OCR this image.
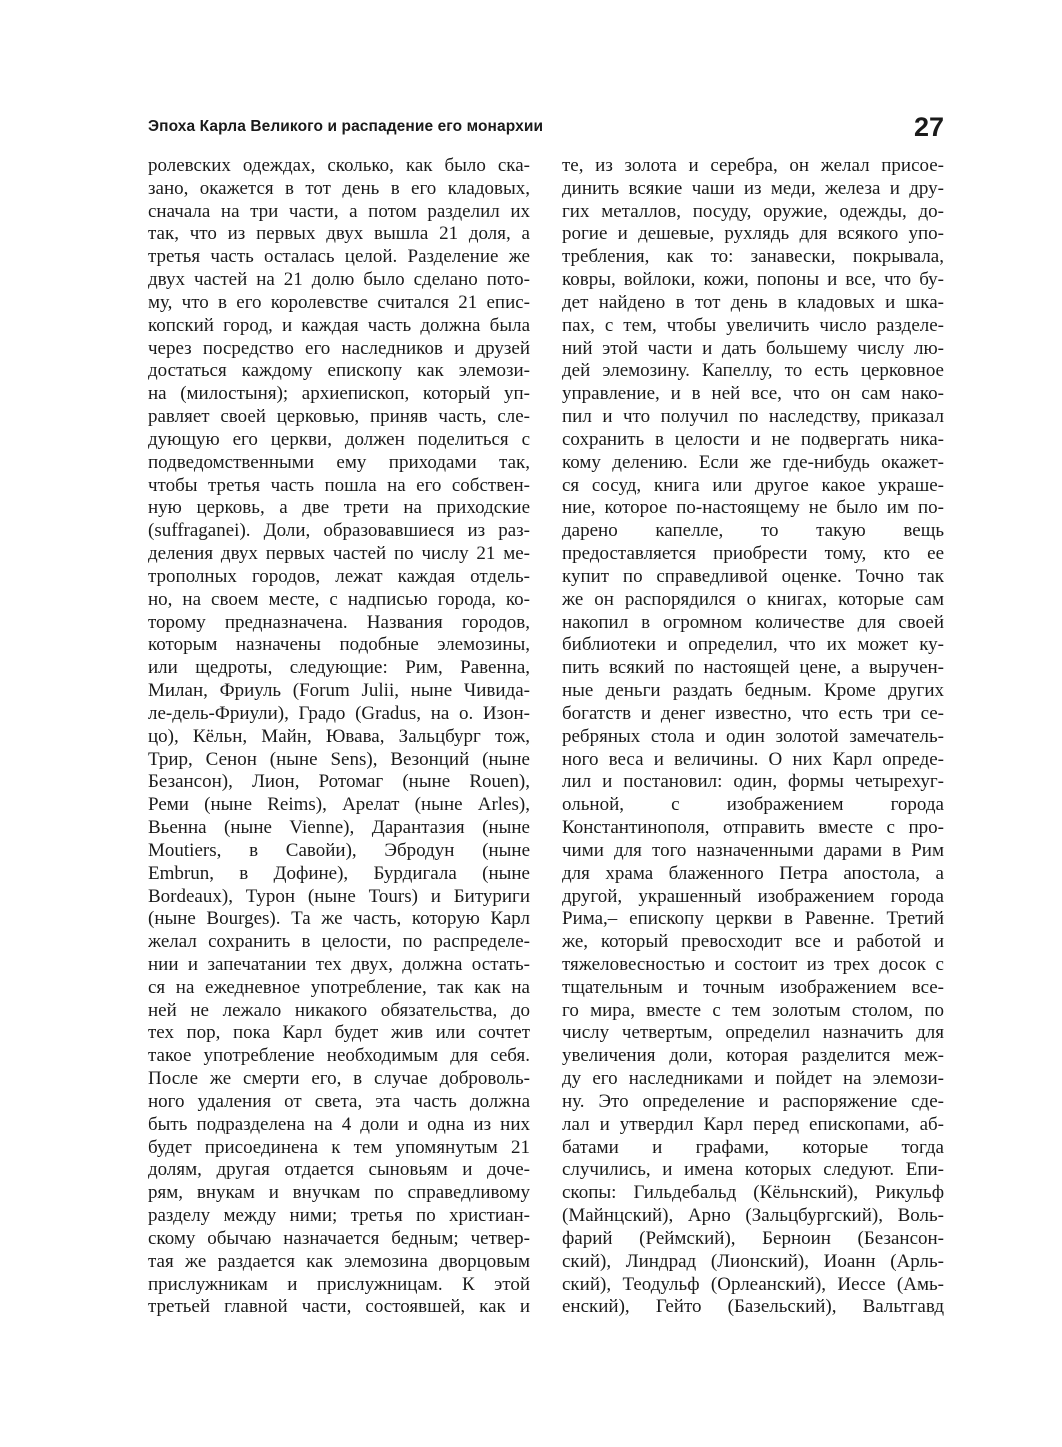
Эпоха Карла Великого и распадение его монархии	27
ролевских одеждах, сколько, как было ска-
зано, окажется в тот день в его кладовых,
сначала на три части, а потом разделил их
так, что из первых двух вышла 21 доля, а
третья часть осталась целой. Разделение же
двух частей на 21 долю было сделано пото-
му, что в его королевстве считался 21 епис-
копский город, и каждая часть должна была
через посредство его наследников и друзей
достаться каждому епископу как элемози-
на (милостыня); архиепископ, который уп-
равляет своей церковью, приняв часть, сле-
дующую его церкви, должен поделиться с
подведомственными ему приходами так,
чтобы третья часть пошла на его собствен-
ную церковь, а две трети на приходские
(suffraganei). Доли, образовавшиеся из раз-
деления двух первых частей по числу 21 ме-
трополных городов, лежат каждая отдель-
но, на своем месте, с надписью города, ко-
торому предназначена. Названия городов,
которым назначены подобные элемозины,
или щедроты, следующие: Рим, Равенна,
Милан, Фриуль (Forum Julii, ныне Чивида-
ле-дель-Фриули), Градо (Gradus, на о. Изон-
цо), Кёльн, Майн, Ювава, Зальцбург тож,
Трир, Сенон (ныне Sens), Везонций (ныне
Безансон), Лион, Ротомаг (ныне Rouen),
Реми (ныне Reims), Арелат (ныне Arles),
Вьенна (ныне Vienne), Дарантазия (ныне
Moutiers, в Савойи), Эбродун (ныне
Embrun, в Дофине), Бурдигала (ныне
Bordeaux), Турон (ныне Tours) и Битуриги
(ныне Bourges). Та же часть, которую Карл
желал сохранить в целости, по распределе-
нии и запечатании тех двух, должна остать-
ся на ежедневное употребление, так как на
ней не лежало никакого обязательства, до
тех пор, пока Карл будет жив или сочтет
такое употребление необходимым для себя.
После же смерти его, в случае доброволь-
ного удаления от света, эта часть должна
быть подразделена на 4 доли и одна из них
будет присоединена к тем упомянутым 21
долям, другая отдается сыновьям и доче-
рям, внукам и внучкам по справедливому
разделу между ними; третья по христиан-
скому обычаю назначается бедным; четвер-
тая же раздается как элемозина дворцовым
прислужникам и прислужницам. К этой
третьей главной части, состоявшей, как и
те, из золота и серебра, он желал присое-
динить всякие чаши из меди, железа и дру-
гих металлов, посуду, оружие, одежды, до-
рогие и дешевые, рухлядь для всякого упо-
требления, как то: занавески, покрывала,
ковры, войлоки, кожи, попоны и все, что бу-
дет найдено в тот день в кладовых и шка-
пах, с тем, чтобы увеличить число разделе-
ний этой части и дать большему числу лю-
дей элемозину. Капеллу, то есть церковное
управление, и в ней все, что он сам нако-
пил и что получил по наследству, приказал
сохранить в целости и не подвергать ника-
кому делению. Если же где-нибудь окажет-
ся сосуд, книга или другое какое украше-
ние, которое по-настоящему не было им по-
дарено капелле, то такую вещь
предоставляется приобрести тому, кто ее
купит по справедливой оценке. Точно так
же он распорядился о книгах, которые сам
накопил в огромном количестве для своей
библиотеки и определил, что их может ку-
пить всякий по настоящей цене, а выручен-
ные деньги раздать бедным. Кроме других
богатств и денег известно, что есть три се-
ребряных стола и один золотой замечатель-
ного веса и величины. О них Карл опреде-
лил и постановил: один, формы четырехуг-
ольной, с изображением города
Константинополя, отправить вместе с про-
чими для того назначенными дарами в Рим
для храма блаженного Петра апостола, а
другой, украшенный изображением города
Рима,– епископу церкви в Равенне. Третий
же, который превосходит все и работой и
тяжеловесностью и состоит из трех досок с
тщательным и точным изображением все-
го мира, вместе с тем золотым столом, по
числу четвертым, определил назначить для
увеличения доли, которая разделится меж-
ду его наследниками и пойдет на элемози-
ну. Это определение и распоряжение сде-
лал и утвердил Карл перед епископами, аб-
батами и графами, которые тогда
случились, и имена которых следуют. Епи-
скопы: Гильдебальд (Кёльнский), Рикульф
(Майнцский), Арно (Зальцбургский), Воль-
фарий (Реймский), Берноин (Безансон-
ский), Линдрад (Лионский), Иоанн (Арль-
ский), Теодульф (Орлеанский), Иессе (Амь-
енский), Гейто (Базельский), Вальтгавд
